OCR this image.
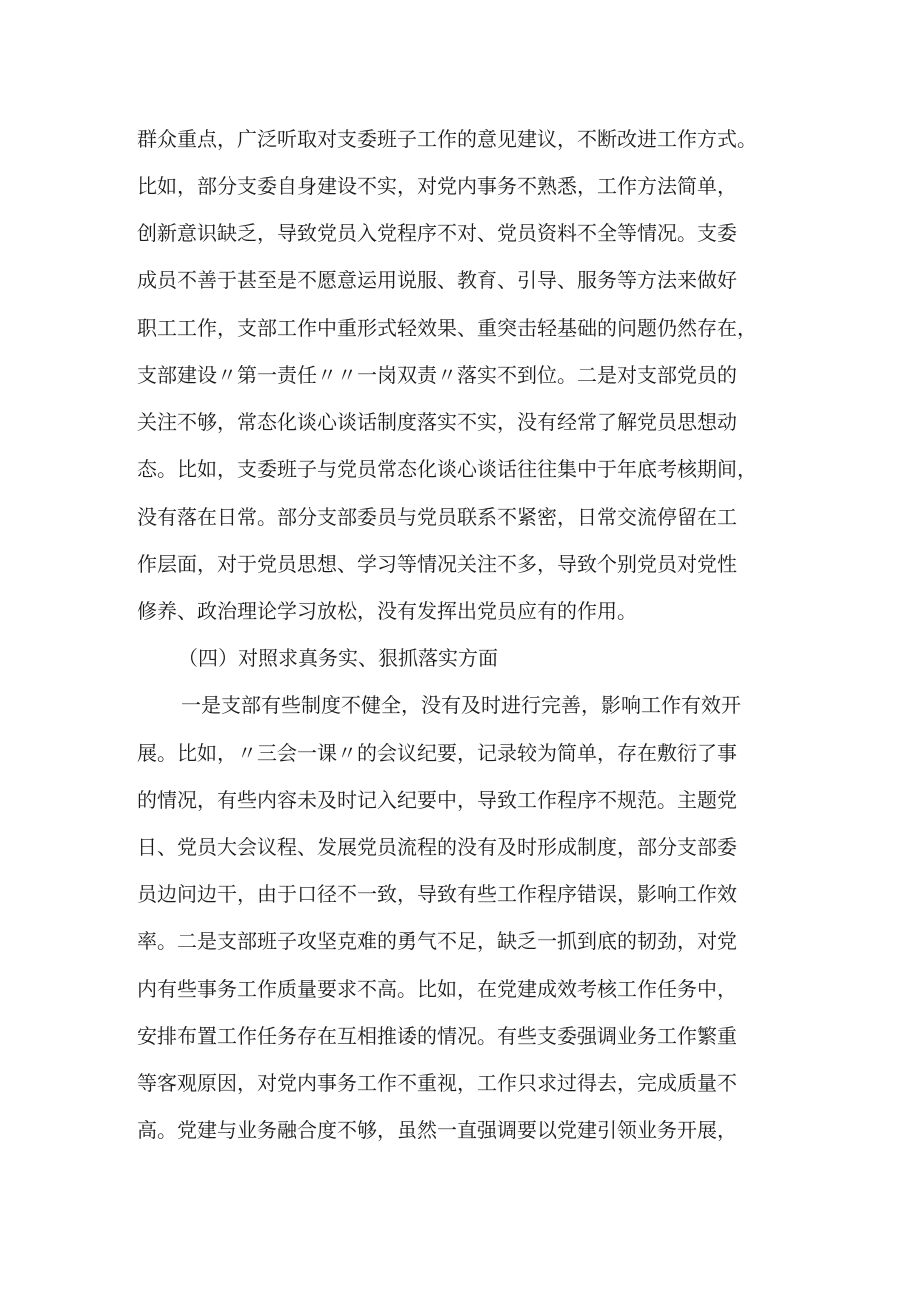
群众重点，广泛听取对支委班子工作的意见建议，不断改进工作方式。
比如，部分支委自身建设不实，对党内事务不熟悉，工作方法简单，
创新意识缺乏，导致党员入党程序不对、党员资料不全等情况。支委
成员不善于甚至是不愿意运用说服、教育、引导、服务等方法来做好
职工工作，支部工作中重形式轻效果、重突击轻基础的问题仍然存在，
支部建设〃第一责任〃〃一岗双责〃落实不到位。二是对支部党员的
关注不够，常态化谈心谈话制度落实不实，没有经常了解党员思想动
态。比如，支委班子与党员常态化谈心谈话往往集中于年底考核期间，
没有落在日常。部分支部委员与党员联系不紧密，日常交流停留在工
作层面，对于党员思想、学习等情况关注不多，导致个别党员对党性
修养、政治理论学习放松，没有发挥出党员应有的作用。
（四）对照求真务实、狠抓落实方面
一是支部有些制度不健全，没有及时进行完善，影响工作有效开
展。比如，〃三会一课〃的会议纪要，记录较为简单，存在敷衍了事
的情况，有些内容未及时记入纪要中，导致工作程序不规范。主题党
日、党员大会议程、发展党员流程的没有及时形成制度，部分支部委
员边问边干，由于口径不一致，导致有些工作程序错误，影响工作效
率。二是支部班子攻坚克难的勇气不足，缺乏一抓到底的韧劲，对党
内有些事务工作质量要求不高。比如，在党建成效考核工作任务中，
安排布置工作任务存在互相推诿的情况。有些支委强调业务工作繁重
等客观原因，对党内事务工作不重视，工作只求过得去，完成质量不
高。党建与业务融合度不够，虽然一直强调要以党建引领业务开展，
